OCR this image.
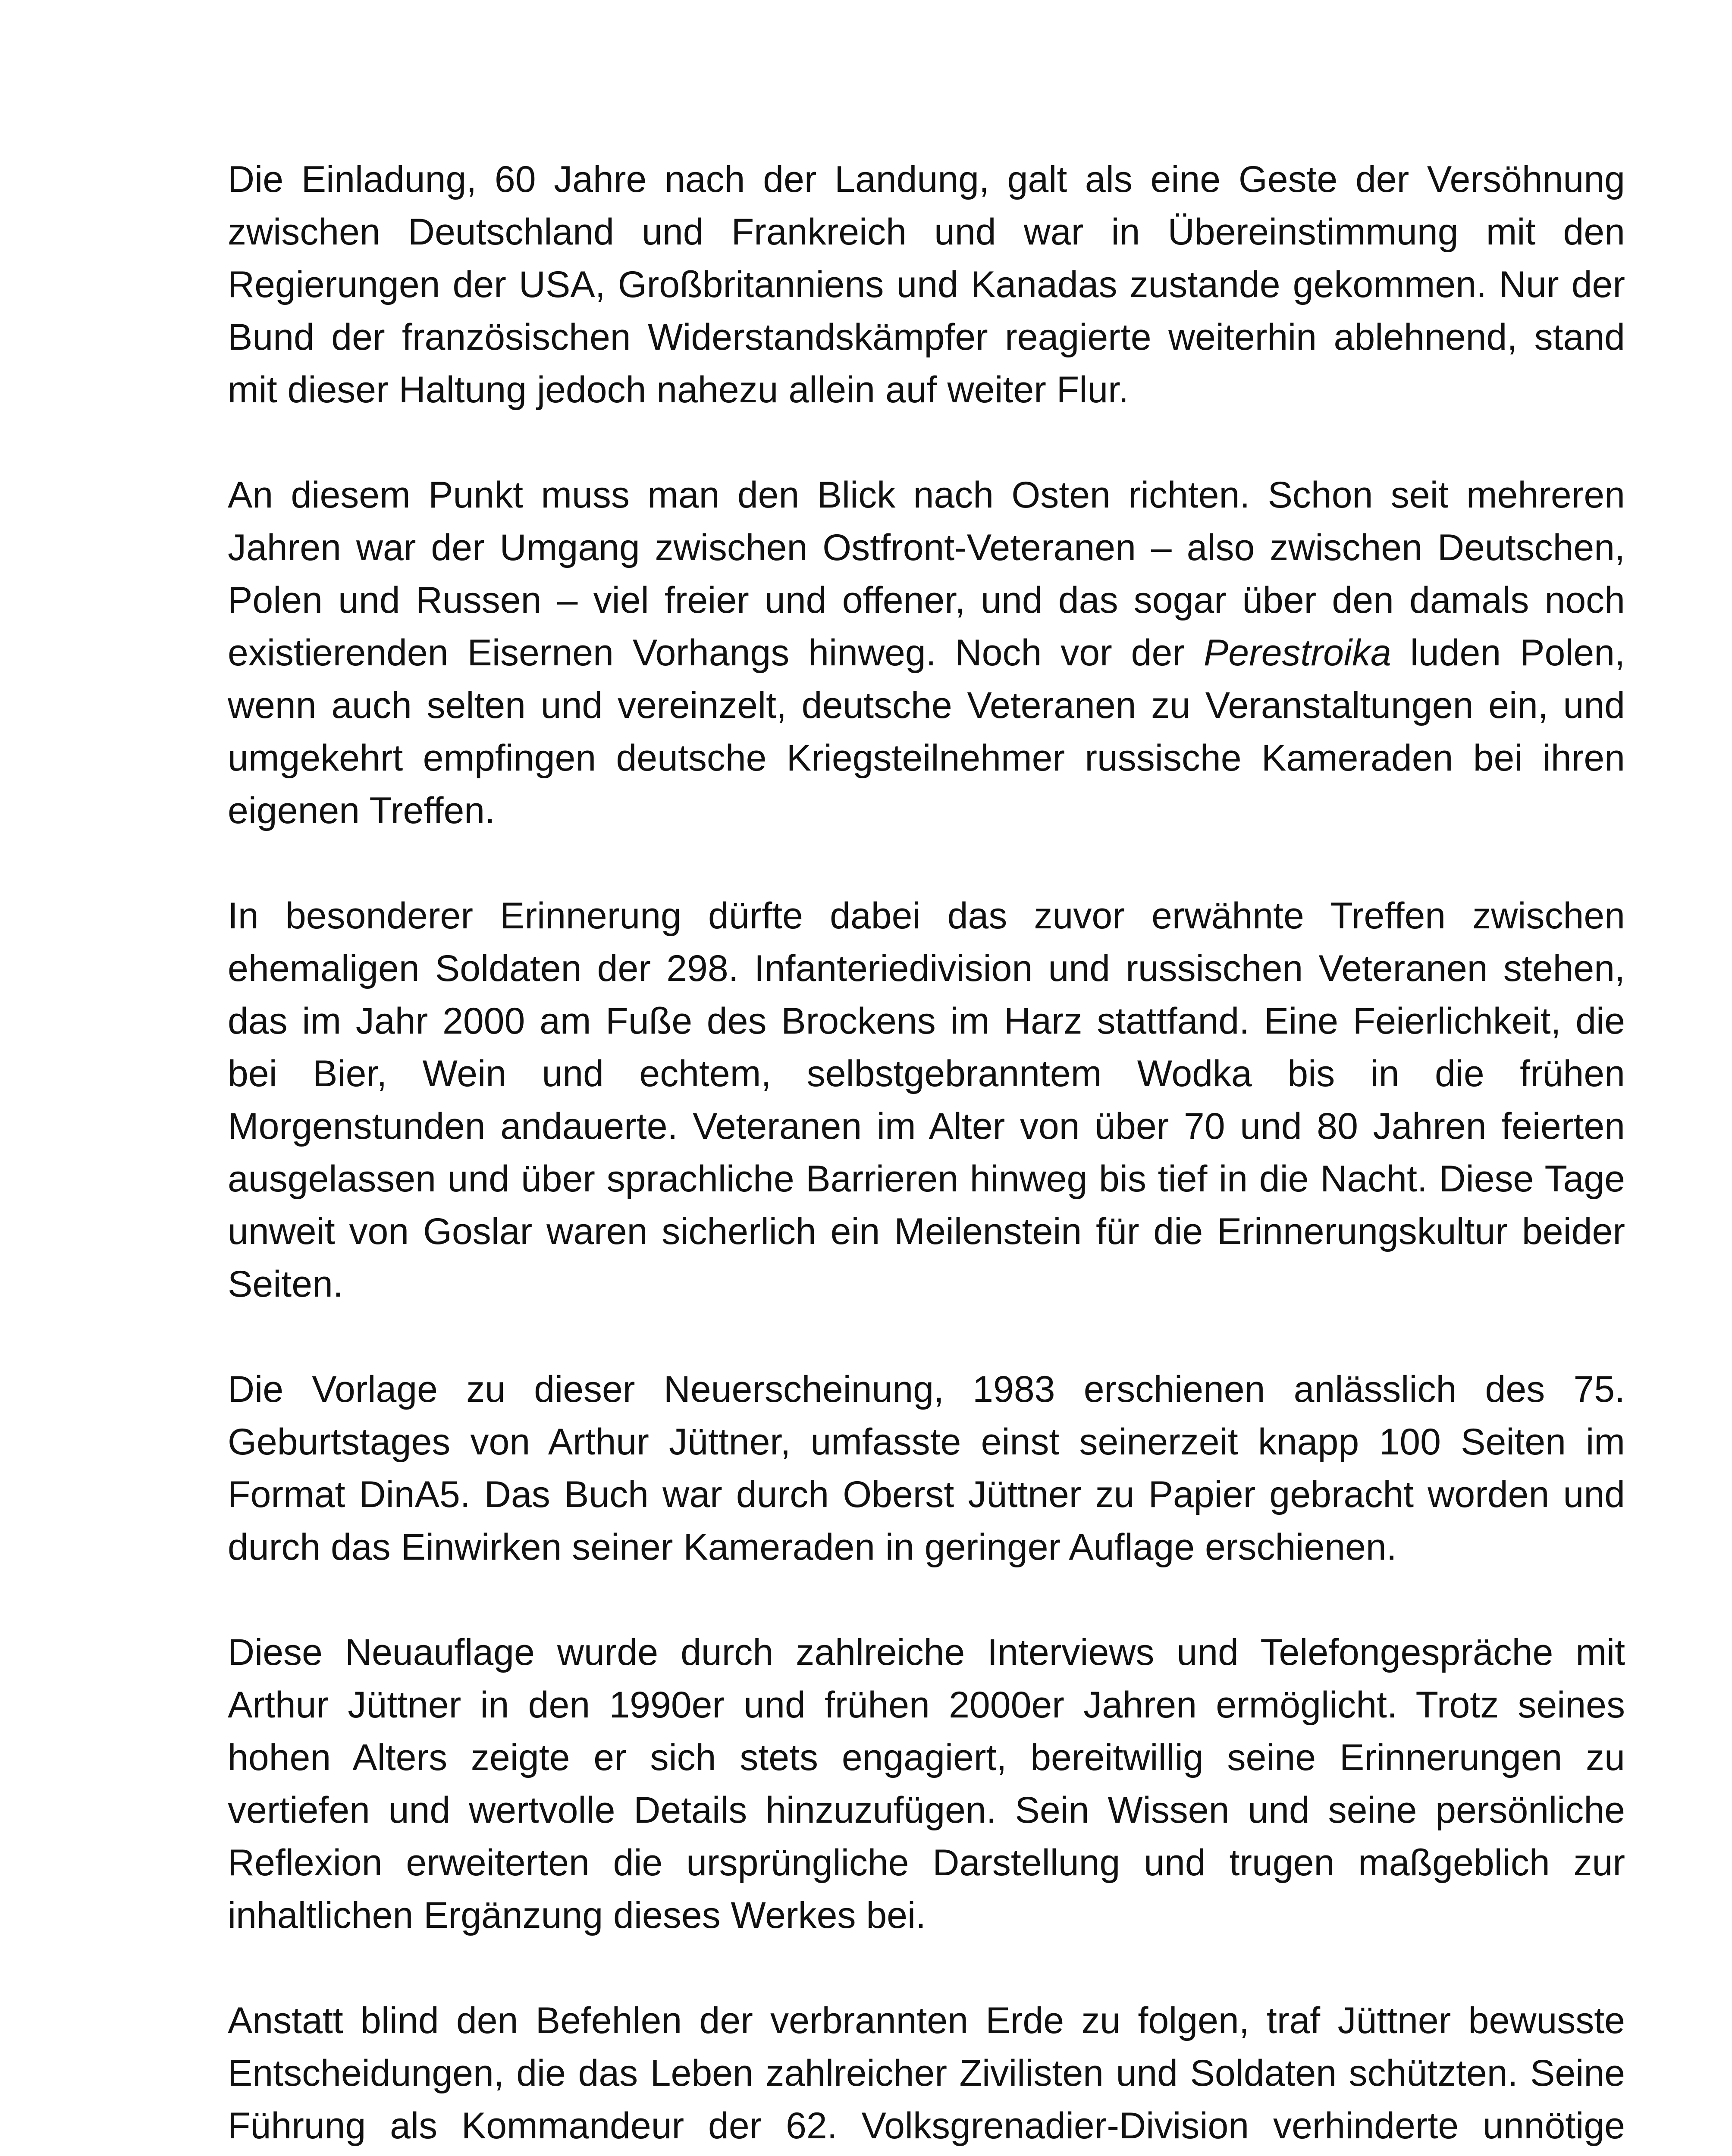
Die Einladung, 60 Jahre nach der Landung, galt als eine Geste der Versöhnung zwischen Deutschland und Frankreich und war in Übereinstimmung mit den Regierungen der USA, Großbritanniens und Kanadas zustande gekommen. Nur der Bund der französischen Widerstandskämpfer reagierte weiterhin ablehnend, stand mit dieser Haltung jedoch nahezu allein auf weiter Flur.

An diesem Punkt muss man den Blick nach Osten richten. Schon seit mehreren Jahren war der Umgang zwischen Ostfront-Veteranen – also zwischen Deutschen, Polen und Russen – viel freier und offener, und das sogar über den damals noch existierenden Eisernen Vorhangs hinweg. Noch vor der Perestroika luden Polen, wenn auch selten und vereinzelt, deutsche Veteranen zu Veranstaltungen ein, und umgekehrt empfingen deutsche Kriegsteilnehmer russische Kameraden bei ihren eigenen Treffen.

In besonderer Erinnerung dürfte dabei das zuvor erwähnte Treffen zwischen ehemaligen Soldaten der 298. Infanteriedivision und russischen Veteranen stehen, das im Jahr 2000 am Fuße des Brockens im Harz stattfand. Eine Feierlichkeit, die bei Bier, Wein und echtem, selbstgebranntem Wodka bis in die frühen Morgenstunden andauerte. Veteranen im Alter von über 70 und 80 Jahren feierten ausgelassen und über sprachliche Barrieren hinweg bis tief in die Nacht. Diese Tage unweit von Goslar waren sicherlich ein Meilenstein für die Erinnerungskultur beider Seiten.

Die Vorlage zu dieser Neuerscheinung, 1983 erschienen anlässlich des 75. Geburtstages von Arthur Jüttner, umfasste einst seinerzeit knapp 100 Seiten im Format DinA5. Das Buch war durch Oberst Jüttner zu Papier gebracht worden und durch das Einwirken seiner Kameraden in geringer Auflage erschienen.

Diese Neuauflage wurde durch zahlreiche Interviews und Telefongespräche mit Arthur Jüttner in den 1990er und frühen 2000er Jahren ermöglicht. Trotz seines hohen Alters zeigte er sich stets engagiert, bereitwillig seine Erinnerungen zu vertiefen und wertvolle Details hinzuzufügen. Sein Wissen und seine persönliche Reflexion erweiterten die ursprüngliche Darstellung und trugen maßgeblich zur inhaltlichen Ergänzung dieses Werkes bei.

Anstatt blind den Befehlen der verbrannten Erde zu folgen, traf Jüttner bewusste Entscheidungen, die das Leben zahlreicher Zivilisten und Soldaten schützten. Seine Führung als Kommandeur der 62. Volksgrenadier-Division verhinderte unnötige
